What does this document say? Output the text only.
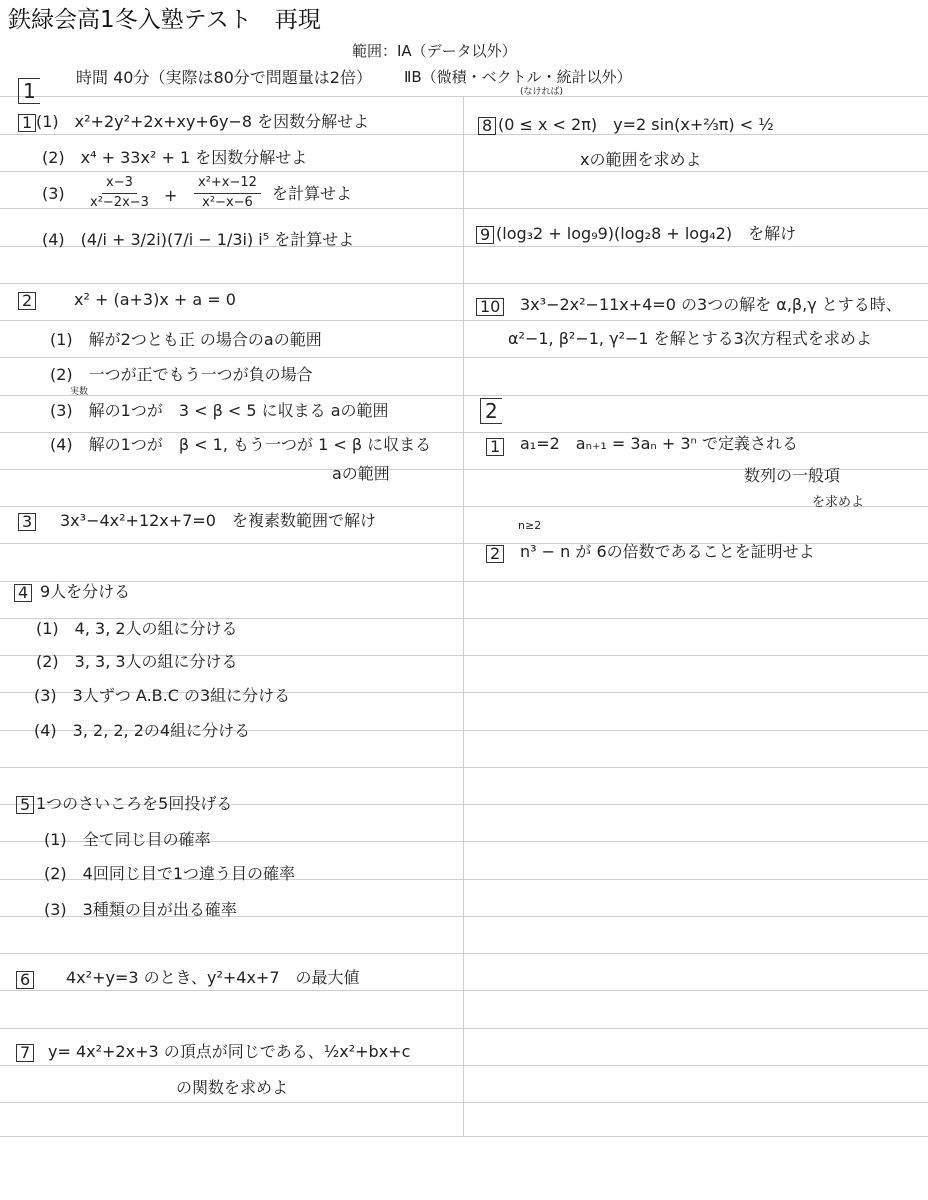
鉄緑会高1冬入塾テスト　再現
範囲：ⅠA（データ以外）
ⅡB（微積・ベクトル・統計以外）
(なければ)
1
時間 40分（実際は80分で問題量は2倍）
1 (1)　x²+2y²+2x+xy+6y−8 を因数分解せよ
(2)　x⁴ + 33x² + 1 を因数分解せよ
$(3) \frac{x-3}{\text{x²−2x−3}} + \frac{\text{x²+x−12}}{\text{x²−x−6}}$ を計算せよ
(4)　(4/i + 3/2i)(7/i − 1/3i) i⁵ を計算せよ
2	x² + (a+3)x + a = 0
(1)　解が2つとも正 の場合のaの範囲
(2)　一つが正でもう一つが負の場合
実数
(3)　解の1つが　3 < β < 5 に収まる aの範囲
(4)　解の1つが　β < 1, もう一つが 1 < β に収まる
aの範囲
3 3x³−4x²+12x+7=0　を複素数範囲で解け
4 9人を分ける
(1)　4, 3, 2人の組に分ける
(2)　3, 3, 3人の組に分ける
(3)　3人ずつ A.B.C の3組に分ける
(4)　3, 2, 2, 2の4組に分ける
5 1つのさいころを5回投げる
(1)　全て同じ目の確率
(2)　4回同じ目で1つ違う目の確率
(3)　3種類の目が出る確率
6 4x²+y=3 のとき、y²+4x+7　の最大値
7 y= 4x²+2x+3 の頂点が同じである、½x²+bx+c
の関数を求めよ
8 (0 ≤ x < 2π)　y=2 sin(x+⅔π) < ½
xの範囲を求めよ
9 (log₃2 + log₉9)(log₂8 + log₄2)　を解け
10 3x³−2x²−11x+4=0 の3つの解を α,β,γ とする時、
α²−1, β²−1, γ²−1 を解とする3次方程式を求めよ
2
1 a₁=2　aₙ₊₁ = 3aₙ + 3ⁿ で定義される
数列の一般項
を求めよ
n≥2
2 n³ − n が 6の倍数であることを証明せよ
